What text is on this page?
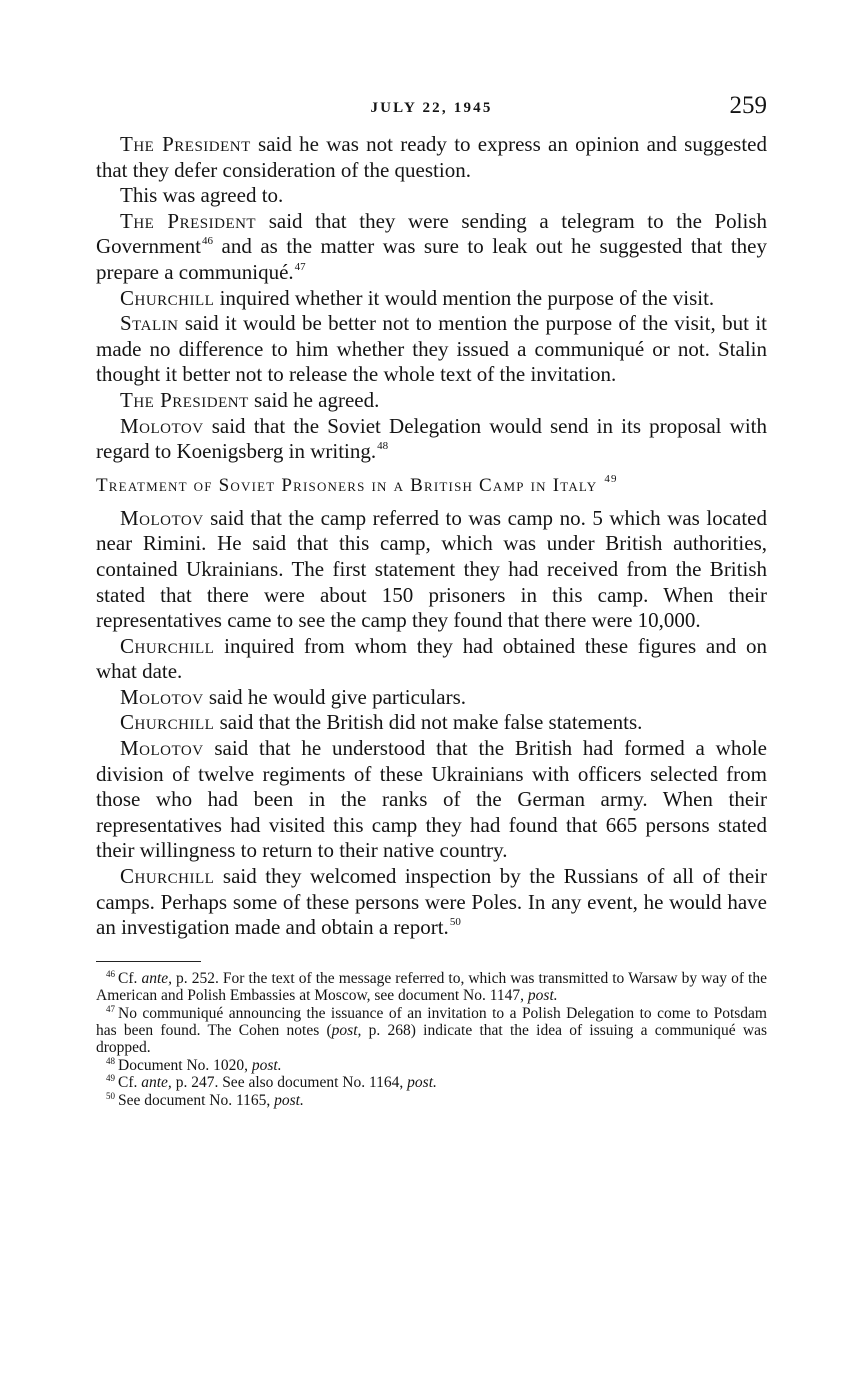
JULY 22, 1945	259

The President said he was not ready to express an opinion and suggested that they defer consideration of the question.

This was agreed to.

The President said that they were sending a telegram to the Polish Government$^{46}$ and as the matter was sure to leak out he suggested that they prepare a communiqué.$^{47}$

Churchill inquired whether it would mention the purpose of the visit.

Stalin said it would be better not to mention the purpose of the visit, but it made no difference to him whether they issued a communiqué or not. Stalin thought it better not to release the whole text of the invitation.

The President said he agreed.

Molotov said that the Soviet Delegation would send in its proposal with regard to Koenigsberg in writing.$^{48}$

Treatment of Soviet Prisoners in a British Camp in Italy $^{49}$

Molotov said that the camp referred to was camp no. 5 which was located near Rimini. He said that this camp, which was under British authorities, contained Ukrainians. The first statement they had received from the British stated that there were about 150 prisoners in this camp. When their representatives came to see the camp they found that there were 10,000.

Churchill inquired from whom they had obtained these figures and on what date.

Molotov said he would give particulars.

Churchill said that the British did not make false statements.

Molotov said that he understood that the British had formed a whole division of twelve regiments of these Ukrainians with officers selected from those who had been in the ranks of the German army. When their representatives had visited this camp they had found that 665 persons stated their willingness to return to their native country.

Churchill said they welcomed inspection by the Russians of all of their camps. Perhaps some of these persons were Poles. In any event, he would have an investigation made and obtain a report.$^{50}$

$^{46}$ Cf. ante, p. 252. For the text of the message referred to, which was transmitted to Warsaw by way of the American and Polish Embassies at Moscow, see document No. 1147, post.

$^{47}$ No communiqué announcing the issuance of an invitation to a Polish Delegation to come to Potsdam has been found. The Cohen notes (post, p. 268) indicate that the idea of issuing a communiqué was dropped.

$^{48}$ Document No. 1020, post.

$^{49}$ Cf. ante, p. 247. See also document No. 1164, post.

$^{50}$ See document No. 1165, post.
